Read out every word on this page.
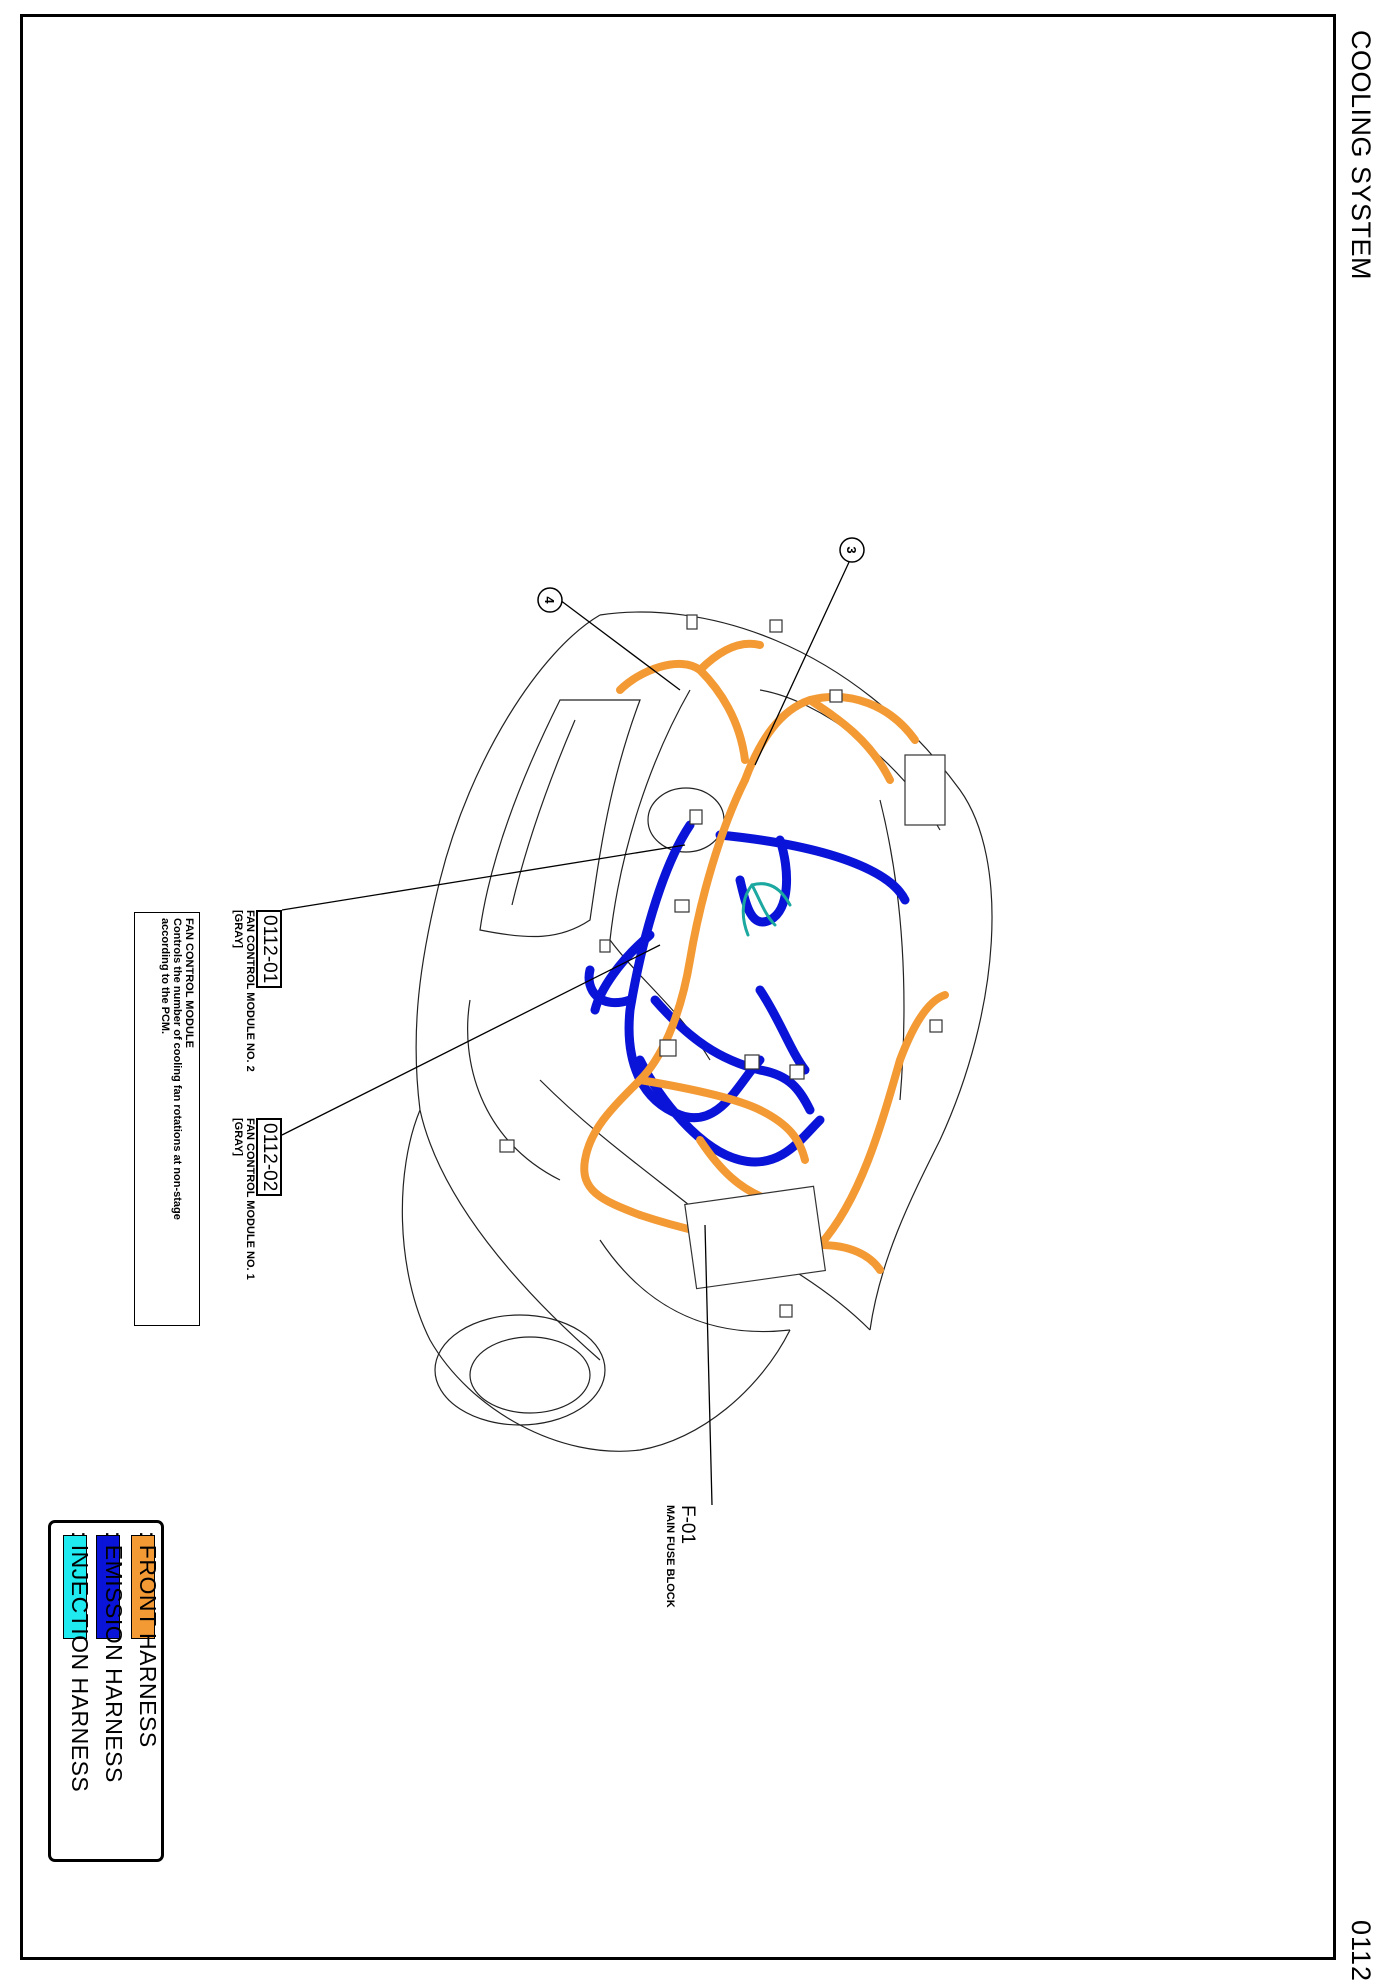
4
3
COOLING SYSTEM
0112
0112-01
FAN CONTROL MODULE NO. 2
[GRAY]
0112-02
FAN CONTROL MODULE NO. 1
[GRAY]
FAN CONTROL MODULE
Controls the number of cooling fan rotations at non-stage
according to the PCM.
F-01
MAIN FUSE BLOCK
: FRONT HARNESS
: EMISSION HARNESS
: INJECTION HARNESS
